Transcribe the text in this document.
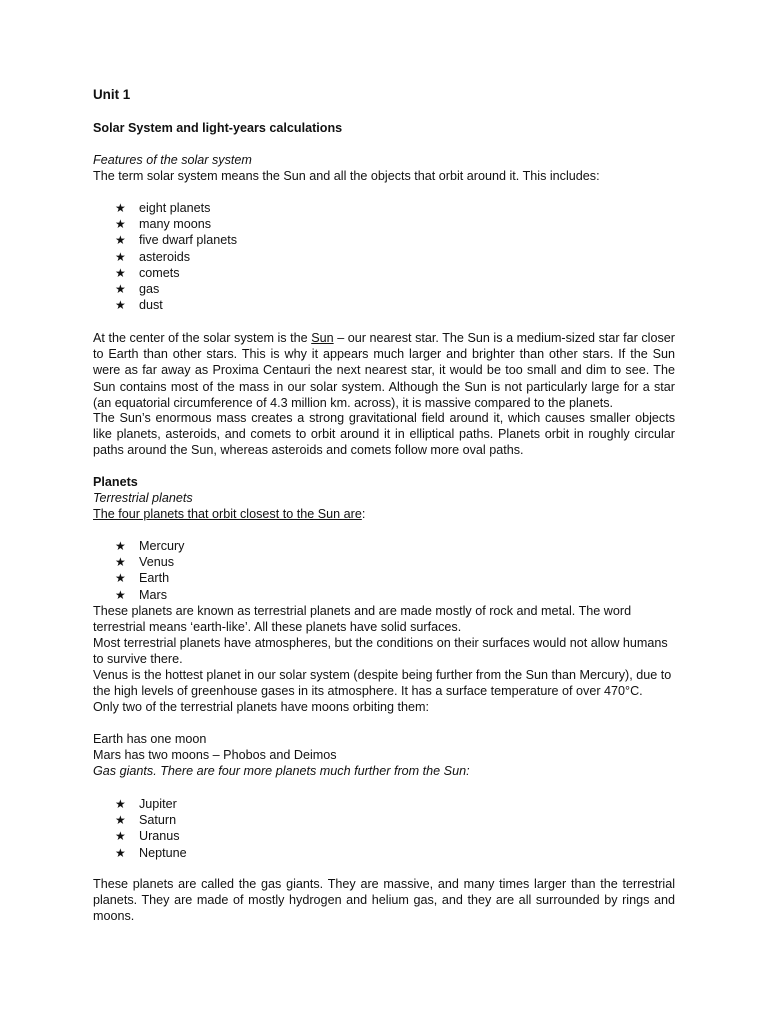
Unit 1

Solar System and light-years calculations

Features of the solar system

The term solar system means the Sun and all the objects that orbit around it. This includes:

★ eight planets
★ many moons
★ five dwarf planets
★ asteroids
★ comets
★ gas
★ dust

At the center of the solar system is the Sun – our nearest star. The Sun is a medium-sized star far closer to Earth than other stars. This is why it appears much larger and brighter than other stars. If the Sun were as far away as Proxima Centauri the next nearest star, it would be too small and dim to see. The Sun contains most of the mass in our solar system. Although the Sun is not particularly large for a star (an equatorial circumference of 4.3 million km. across), it is massive compared to the planets.

The Sun’s enormous mass creates a strong gravitational field around it, which causes smaller objects like planets, asteroids, and comets to orbit around it in elliptical paths. Planets orbit in roughly circular paths around the Sun, whereas asteroids and comets follow more oval paths.

Planets

Terrestrial planets

The four planets that orbit closest to the Sun are:

★ Mercury
★ Venus
★ Earth
★ Mars

These planets are known as terrestrial planets and are made mostly of rock and metal. The word terrestrial means ‘earth-like’. All these planets have solid surfaces.

Most terrestrial planets have atmospheres, but the conditions on their surfaces would not allow humans to survive there.

Venus is the hottest planet in our solar system (despite being further from the Sun than Mercury), due to the high levels of greenhouse gases in its atmosphere. It has a surface temperature of over 470°C.

Only two of the terrestrial planets have moons orbiting them:

Earth has one moon

Mars has two moons – Phobos and Deimos

Gas giants. There are four more planets much further from the Sun:

★ Jupiter
★ Saturn
★ Uranus
★ Neptune

These planets are called the gas giants. They are massive, and many times larger than the terrestrial planets. They are made of mostly hydrogen and helium gas, and they are all surrounded by rings and moons.
